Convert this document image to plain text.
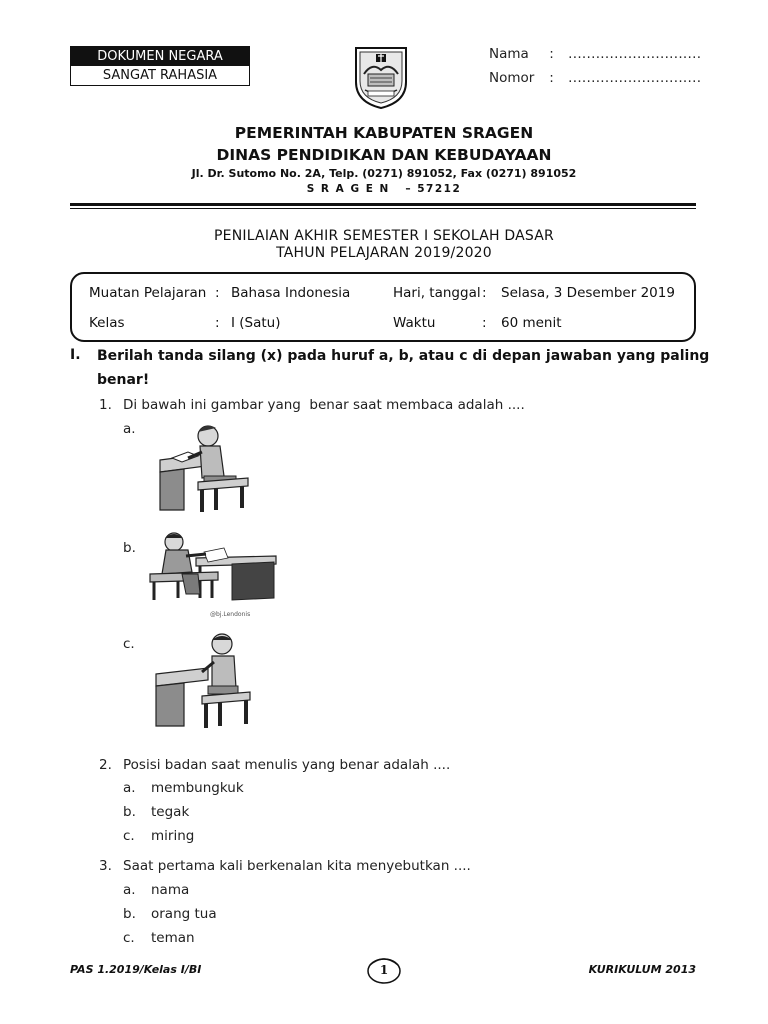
DOKUMEN NEGARA
SANGAT RAHASIA
Nama : .............................
Nomor : .............................
PEMERINTAH KABUPATEN SRAGEN
DINAS PENDIDIKAN DAN KEBUDAYAAN
Jl. Dr. Sutomo No. 2A, Telp. (0271) 891052, Fax (0271) 891052
S R A G E N   – 57212
PENILAIAN AKHIR SEMESTER I SEKOLAH DASAR
TAHUN PELAJARAN 2019/2020
Muatan Pelajaran : Bahasa Indonesia	Hari, tanggal : Selasa, 3 Desember 2019
Kelas	: I (Satu)	Waktu	: 60 menit
I. Berilah tanda silang (x) pada huruf a, b, atau c di depan jawaban yang paling
benar!
1. Di bawah ini gambar yang  benar saat membaca adalah ....
a.
b.
@bj.Lendonis
c.
2. Posisi badan saat menulis yang benar adalah ....
a. membungkuk
b. tegak
c. miring
3. Saat pertama kali berkenalan kita menyebutkan ....
a. nama
b. orang tua
c. teman
PAS 1.2019/Kelas I/BI	1	KURIKULUM 2013
